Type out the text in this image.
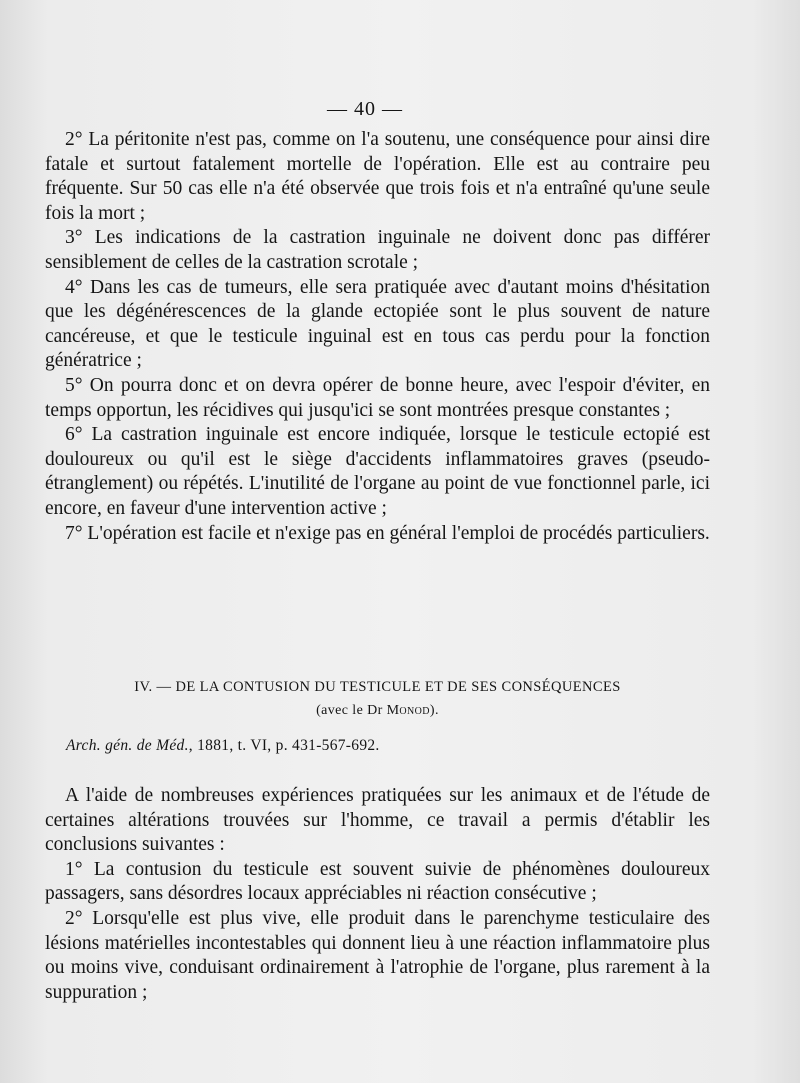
— 40 —

2° La péritonite n'est pas, comme on l'a soutenu, une conséquence pour ainsi dire fatale et surtout fatalement mortelle de l'opération. Elle est au contraire peu fréquente. Sur 50 cas elle n'a été observée que trois fois et n'a entraîné qu'une seule fois la mort ;

3° Les indications de la castration inguinale ne doivent donc pas différer sensiblement de celles de la castration scrotale ;

4° Dans les cas de tumeurs, elle sera pratiquée avec d'autant moins d'hésitation que les dégénérescences de la glande ectopiée sont le plus souvent de nature cancéreuse, et que le testicule inguinal est en tous cas perdu pour la fonction génératrice ;

5° On pourra donc et on devra opérer de bonne heure, avec l'espoir d'éviter, en temps opportun, les récidives qui jusqu'ici se sont montrées presque constantes ;

6° La castration inguinale est encore indiquée, lorsque le testicule ectopié est douloureux ou qu'il est le siège d'accidents inflammatoires graves (pseudo-étranglement) ou répétés. L'inutilité de l'organe au point de vue fonctionnel parle, ici encore, en faveur d'une intervention active ;

7° L'opération est facile et n'exige pas en général l'emploi de procédés particuliers.

IV. — DE LA CONTUSION DU TESTICULE ET DE SES CONSÉQUENCES
(avec le Dr Monod).
Arch. gén. de Méd., 1881, t. VI, p. 431-567-692.

A l'aide de nombreuses expériences pratiquées sur les animaux et de l'étude de certaines altérations trouvées sur l'homme, ce travail a permis d'établir les conclusions suivantes :

1° La contusion du testicule est souvent suivie de phénomènes douloureux passagers, sans désordres locaux appréciables ni réaction consécutive ;

2° Lorsqu'elle est plus vive, elle produit dans le parenchyme testiculaire des lésions matérielles incontestables qui donnent lieu à une réaction inflammatoire plus ou moins vive, conduisant ordinairement à l'atrophie de l'organe, plus rarement à la suppuration ;
